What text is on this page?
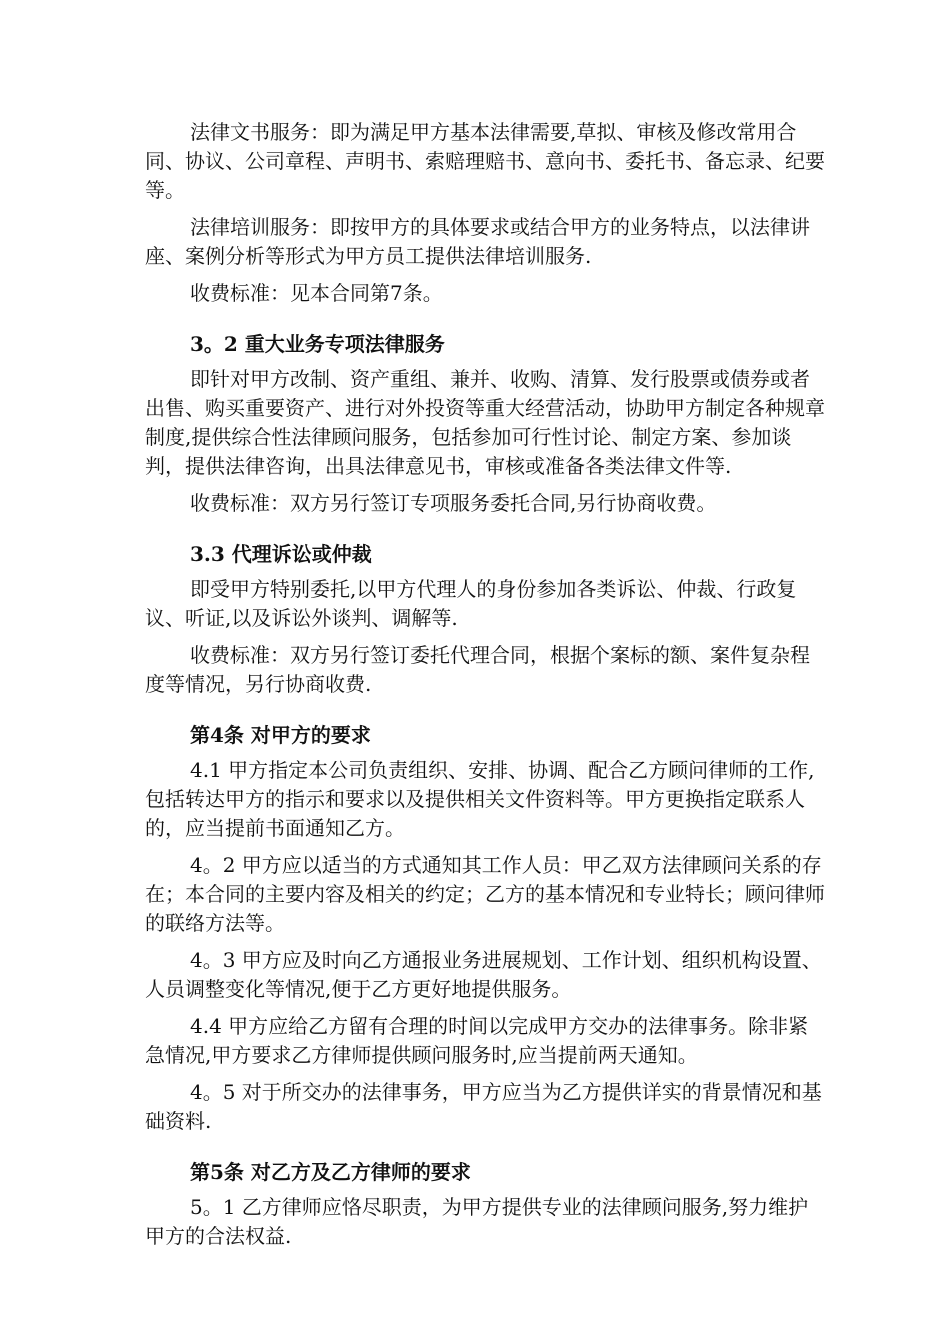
法律文书服务：即为满足甲方基本法律需要,草拟、审核及修改常用合同、协议、公司章程、声明书、索赔理赔书、意向书、委托书、备忘录、纪要等。

法律培训服务：即按甲方的具体要求或结合甲方的业务特点，以法律讲座、案例分析等形式为甲方员工提供法律培训服务.

收费标准：见本合同第7条。

3。2 重大业务专项法律服务

即针对甲方改制、资产重组、兼并、收购、清算、发行股票或债券或者出售、购买重要资产、进行对外投资等重大经营活动，协助甲方制定各种规章制度,提供综合性法律顾问服务，包括参加可行性讨论、制定方案、参加谈判，提供法律咨询，出具法律意见书，审核或准备各类法律文件等.

收费标准：双方另行签订专项服务委托合同,另行协商收费。

3.3 代理诉讼或仲裁

即受甲方特别委托,以甲方代理人的身份参加各类诉讼、仲裁、行政复议、听证,以及诉讼外谈判、调解等.

收费标准：双方另行签订委托代理合同，根据个案标的额、案件复杂程度等情况，另行协商收费.

第4条 对甲方的要求

4.1 甲方指定本公司负责组织、安排、协调、配合乙方顾问律师的工作,包括转达甲方的指示和要求以及提供相关文件资料等。甲方更换指定联系人的，应当提前书面通知乙方。

4。2 甲方应以适当的方式通知其工作人员：甲乙双方法律顾问关系的存在；本合同的主要内容及相关的约定；乙方的基本情况和专业特长；顾问律师的联络方法等。

4。3 甲方应及时向乙方通报业务进展规划、工作计划、组织机构设置、人员调整变化等情况,便于乙方更好地提供服务。

4.4 甲方应给乙方留有合理的时间以完成甲方交办的法律事务。除非紧急情况,甲方要求乙方律师提供顾问服务时,应当提前两天通知。

4。5 对于所交办的法律事务，甲方应当为乙方提供详实的背景情况和基础资料.

第5条 对乙方及乙方律师的要求

5。1 乙方律师应恪尽职责，为甲方提供专业的法律顾问服务,努力维护甲方的合法权益.
